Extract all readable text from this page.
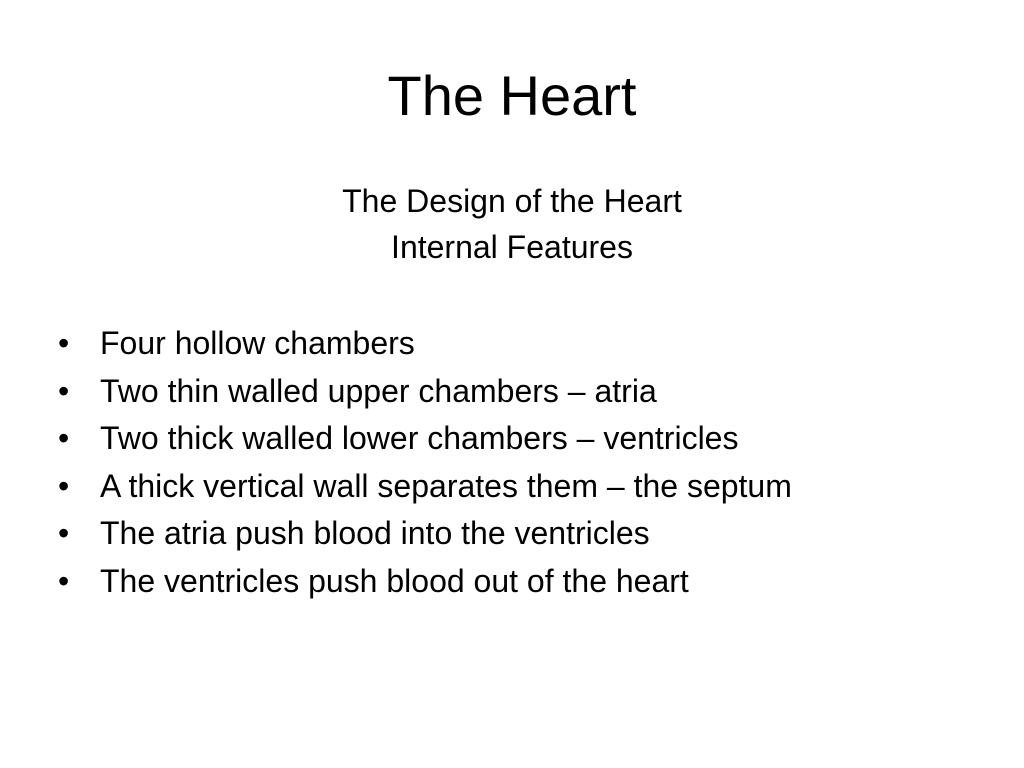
The Heart
The Design of the Heart
Internal Features
• Four hollow chambers
• Two thin walled upper chambers – atria
• Two thick walled lower chambers – ventricles
• A thick vertical wall separates them – the septum
• The atria push blood into the ventricles
• The ventricles push blood out of the heart
